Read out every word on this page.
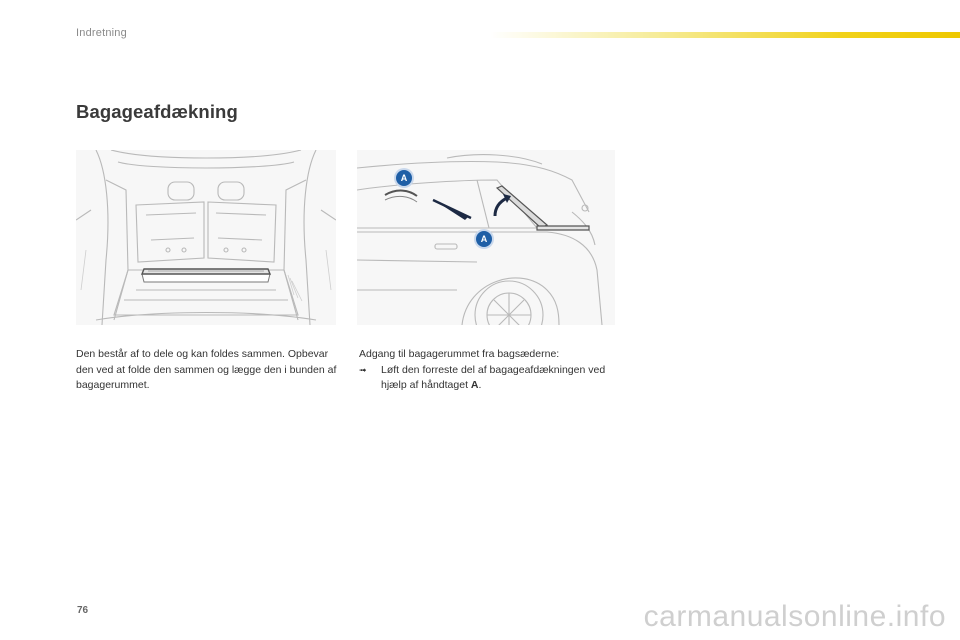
Indretning
Bagageafdækning
A
A

Den består af to dele og kan foldes sammen. Opbevar den ved at folde den sammen og lægge den i bunden af bagagerummet.

Adgang til bagagerummet fra bagsæderne:

➟	Løft den forreste del af bagageafdækningen ved hjælp af håndtaget A.
76	carmanualsonline.info
